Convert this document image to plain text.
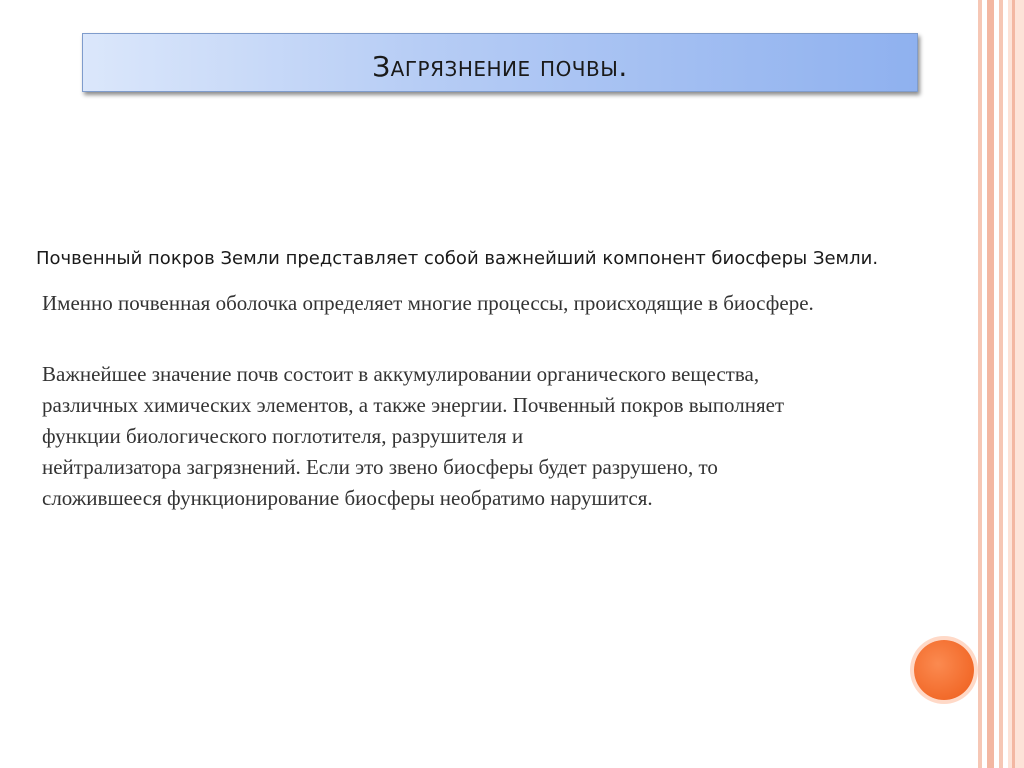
Загрязнение почвы.
Почвенный покров Земли представляет собой важнейший компонент биосферы Земли.
Именно почвенная оболочка определяет многие процессы, происходящие в биосфере.
Важнейшее значение почв состоит в аккумулировании органического вещества,
различных химических элементов, а также энергии. Почвенный покров выполняет
функции биологического поглотителя, разрушителя и
нейтрализатора загрязнений. Если это звено биосферы будет разрушено, то
сложившееся функционирование биосферы необратимо нарушится.
